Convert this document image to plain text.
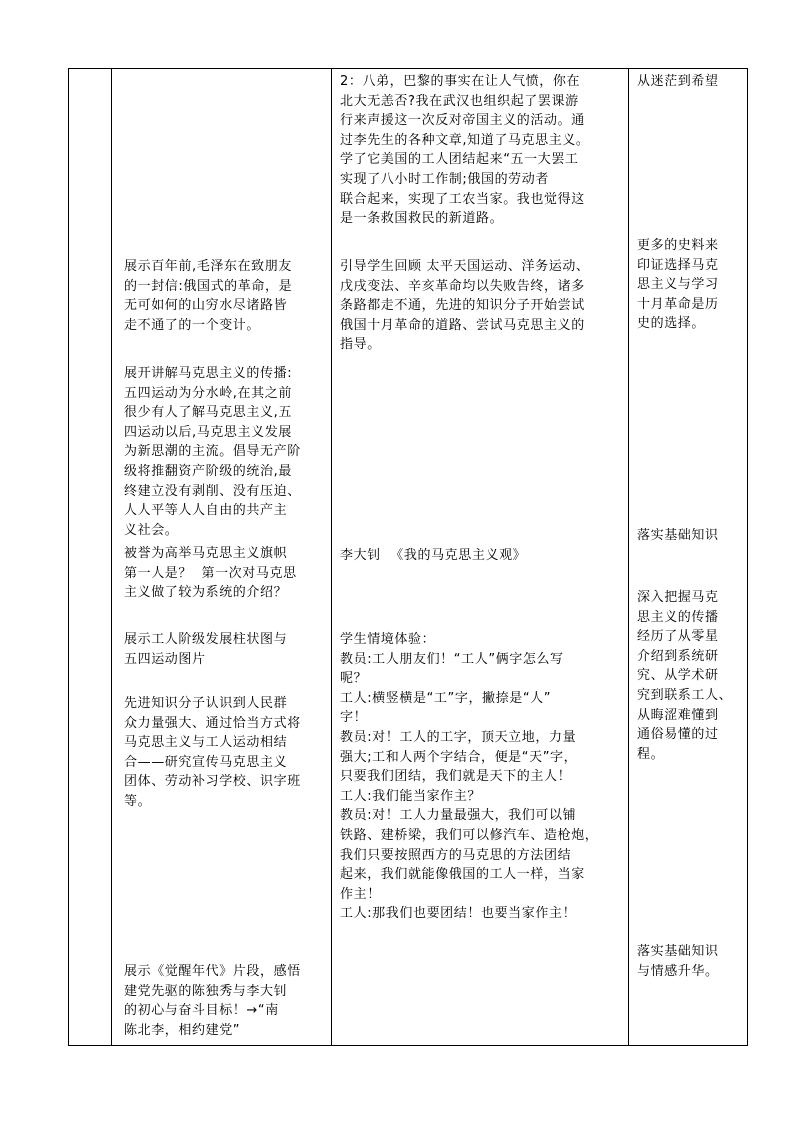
展示百年前,毛泽东在致朋友
的一封信:俄国式的革命，是
无可如何的山穷水尽诸路皆
走不通了的一个变计。
展开讲解马克思主义的传播:
五四运动为分水岭,在其之前
很少有人了解马克思主义,五
四运动以后,马克思主义发展
为新思潮的主流。倡导无产阶
级将推翻资产阶级的统治,最
终建立没有剥削、没有压迫、
人人平等人人自由的共产主
义社会。
被誉为高举马克思主义旗帜
第一人是？  第一次对马克思
主义做了较为系统的介绍？
展示工人阶级发展柱状图与
五四运动图片
先进知识分子认识到人民群
众力量强大、通过恰当方式将
马克思主义与工人运动相结
合——研究宣传马克思主义
团体、劳动补习学校、识字班
等。
展示《觉醒年代》片段，感悟
建党先驱的陈独秀与李大钊
的初心与奋斗目标！→“南
陈北李，相约建党”
2：八弟，巴黎的事实在让人气愤，你在
北大无恙否?我在武汉也组织起了罢课游
行来声援这一次反对帝国主义的活动。通
过李先生的各种文章,知道了马克思主义。
学了它美国的工人团结起来“五一大罢工
实现了八小时工作制;俄国的劳动者
联合起来，实现了工农当家。我也觉得这
是一条救国救民的新道路。
引导学生回顾 太平天国运动、洋务运动、
戊戌变法、辛亥革命均以失败告终，诸多
条路都走不通，先进的知识分子开始尝试
俄国十月革命的道路、尝试马克思主义的
指导。
李大钊  《我的马克思主义观》
学生情境体验：
教员:工人朋友们！“工人”俩字怎么写
呢？
工人:横竖横是“工”字，撇捺是“人”
字！
教员:对！工人的工字，顶天立地，力量
强大;工和人两个字结合，便是“天”字，
只要我们团结，我们就是天下的主人！
工人:我们能当家作主？
教员:对！工人力量最强大，我们可以铺
铁路、建桥梁，我们可以修汽车、造枪炮，
我们只要按照西方的马克思的方法团结
起来，我们就能像俄国的工人一样，当家
作主！
工人:那我们也要团结！也要当家作主！
从迷茫到希望
更多的史料来
印证选择马克
思主义与学习
十月革命是历
史的选择。
落实基础知识
深入把握马克
思主义的传播
经历了从零星
介绍到系统研
究、从学术研
究到联系工人、
从晦涩难懂到
通俗易懂的过
程。
落实基础知识
与情感升华。
